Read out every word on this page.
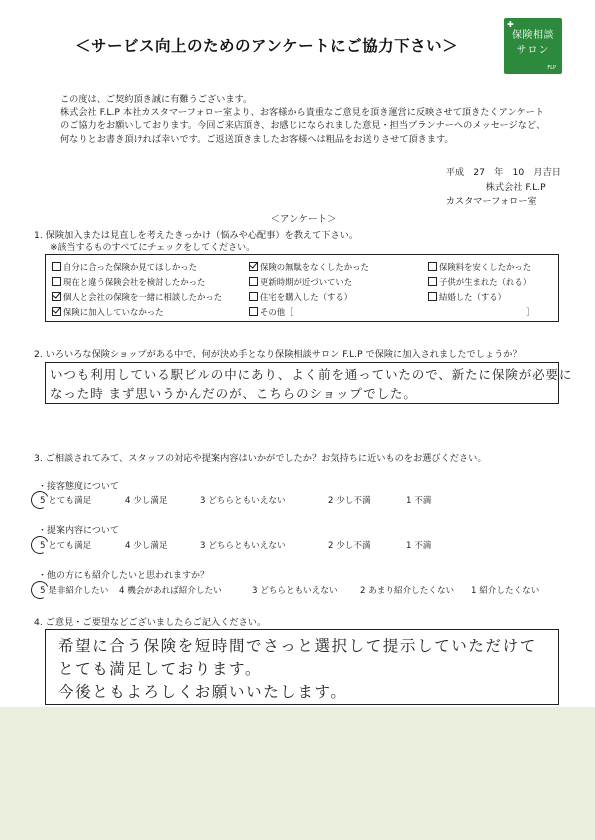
＜サービス向上のためのアンケートにご協力下さい＞
✚
保険相談
サロン
FLP
この度は、ご契約頂き誠に有難うございます。
株式会社 F.L.P 本社カスタマーフォロー室より、お客様から貴重なご意見を頂き運営に反映させて頂きたくアンケート
のご協力をお願いしております。今回ご来店頂き、お感じになられました意見・担当プランナーへのメッセージなど、
何なりとお書き頂ければ幸いです。ご返送頂きましたお客様へは粗品をお送りさせて頂きます。
平成　27　年　10　月吉日
株式会社 F.L.P
カスタマーフォロー室
＜アンケート＞
1. 保険加入または見直しを考えたきっかけ（悩みや心配事）を教えて下さい。
※該当するものすべてにチェックをしてください。
自分に合った保険か見てほしかった	保険の無駄をなくしたかった	保険料を安くしたかった
現在と違う保険会社を検討したかった	更新時期が近づいていた	子供が生まれた（れる）
個人と会社の保険を一緒に相談したかった	住宅を購入した（する）	結婚した（する）
保険に加入していなかった	その他［	］
2. いろいろな保険ショップがある中で、何が決め手となり保険相談サロン F.L.P で保険に加入されましたでしょうか？
いつも利用している駅ビルの中にあり、よく前を通っていたので、新たに保険が必要に
なった時 まず思いうかんだのが、こちらのショップでした。
3. ご相談されてみて、スタッフの対応や提案内容はいかがでしたか？お気持ちに近いものをお選びください。
・接客態度について
5 とても満足	4 少し満足	3 どちらともいえない	2 少し不満	1 不満
・提案内容について
5 とても満足	4 少し満足	3 どちらともいえない	2 少し不満	1 不満
・他の方にも紹介したいと思われますか？
5 是非紹介したい 4 機会があれば紹介したい	3 どちらともいえない	2 あまり紹介したくない 1 紹介したくない
4. ご意見・ご要望などございましたらご記入ください。
希望に合う保険を短時間でさっと選択して提示していただけて
とても満足しております。
今後ともよろしくお願いいたします。
